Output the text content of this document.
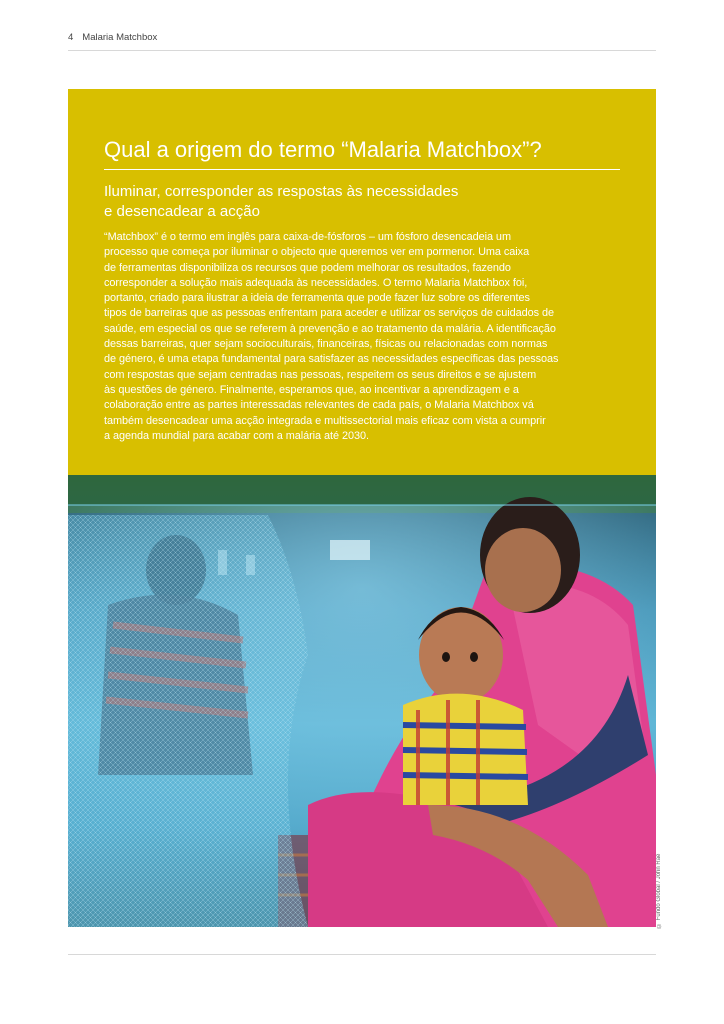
4 Malaria Matchbox
Qual a origem do termo “Malaria Matchbox”?
Iluminar, corresponder as respostas às necessidades
e desencadear a acção

“Matchbox” é o termo em inglês para caixa-de-fósforos – um fósforo desencadeia um
processo que começa por iluminar o objecto que queremos ver em pormenor. Uma caixa
de ferramentas disponibiliza os recursos que podem melhorar os resultados, fazendo
corresponder a solução mais adequada às necessidades. O termo Malaria Matchbox foi,
portanto, criado para ilustrar a ideia de ferramenta que pode fazer luz sobre os diferentes
tipos de barreiras que as pessoas enfrentam para aceder e utilizar os serviços de cuidados de
saúde, em especial os que se referem à prevenção e ao tratamento da malária. A identificação
dessas barreiras, quer sejam socioculturais, financeiras, físicas ou relacionadas com normas
de género, é uma etapa fundamental para satisfazer as necessidades específicas das pessoas
com respostas que sejam centradas nas pessoas, respeitem os seus direitos e se ajustem
às questões de género. Finalmente, esperamos que, ao incentivar a aprendizagem e a
colaboração entre as partes interessadas relevantes de cada país, o Malaria Matchbox vá
também desencadear uma acção integrada e multissectorial mais eficaz com vista a cumprir
a agenda mundial para acabar com a malária até 2030.

© Fundo Global / John Rae
